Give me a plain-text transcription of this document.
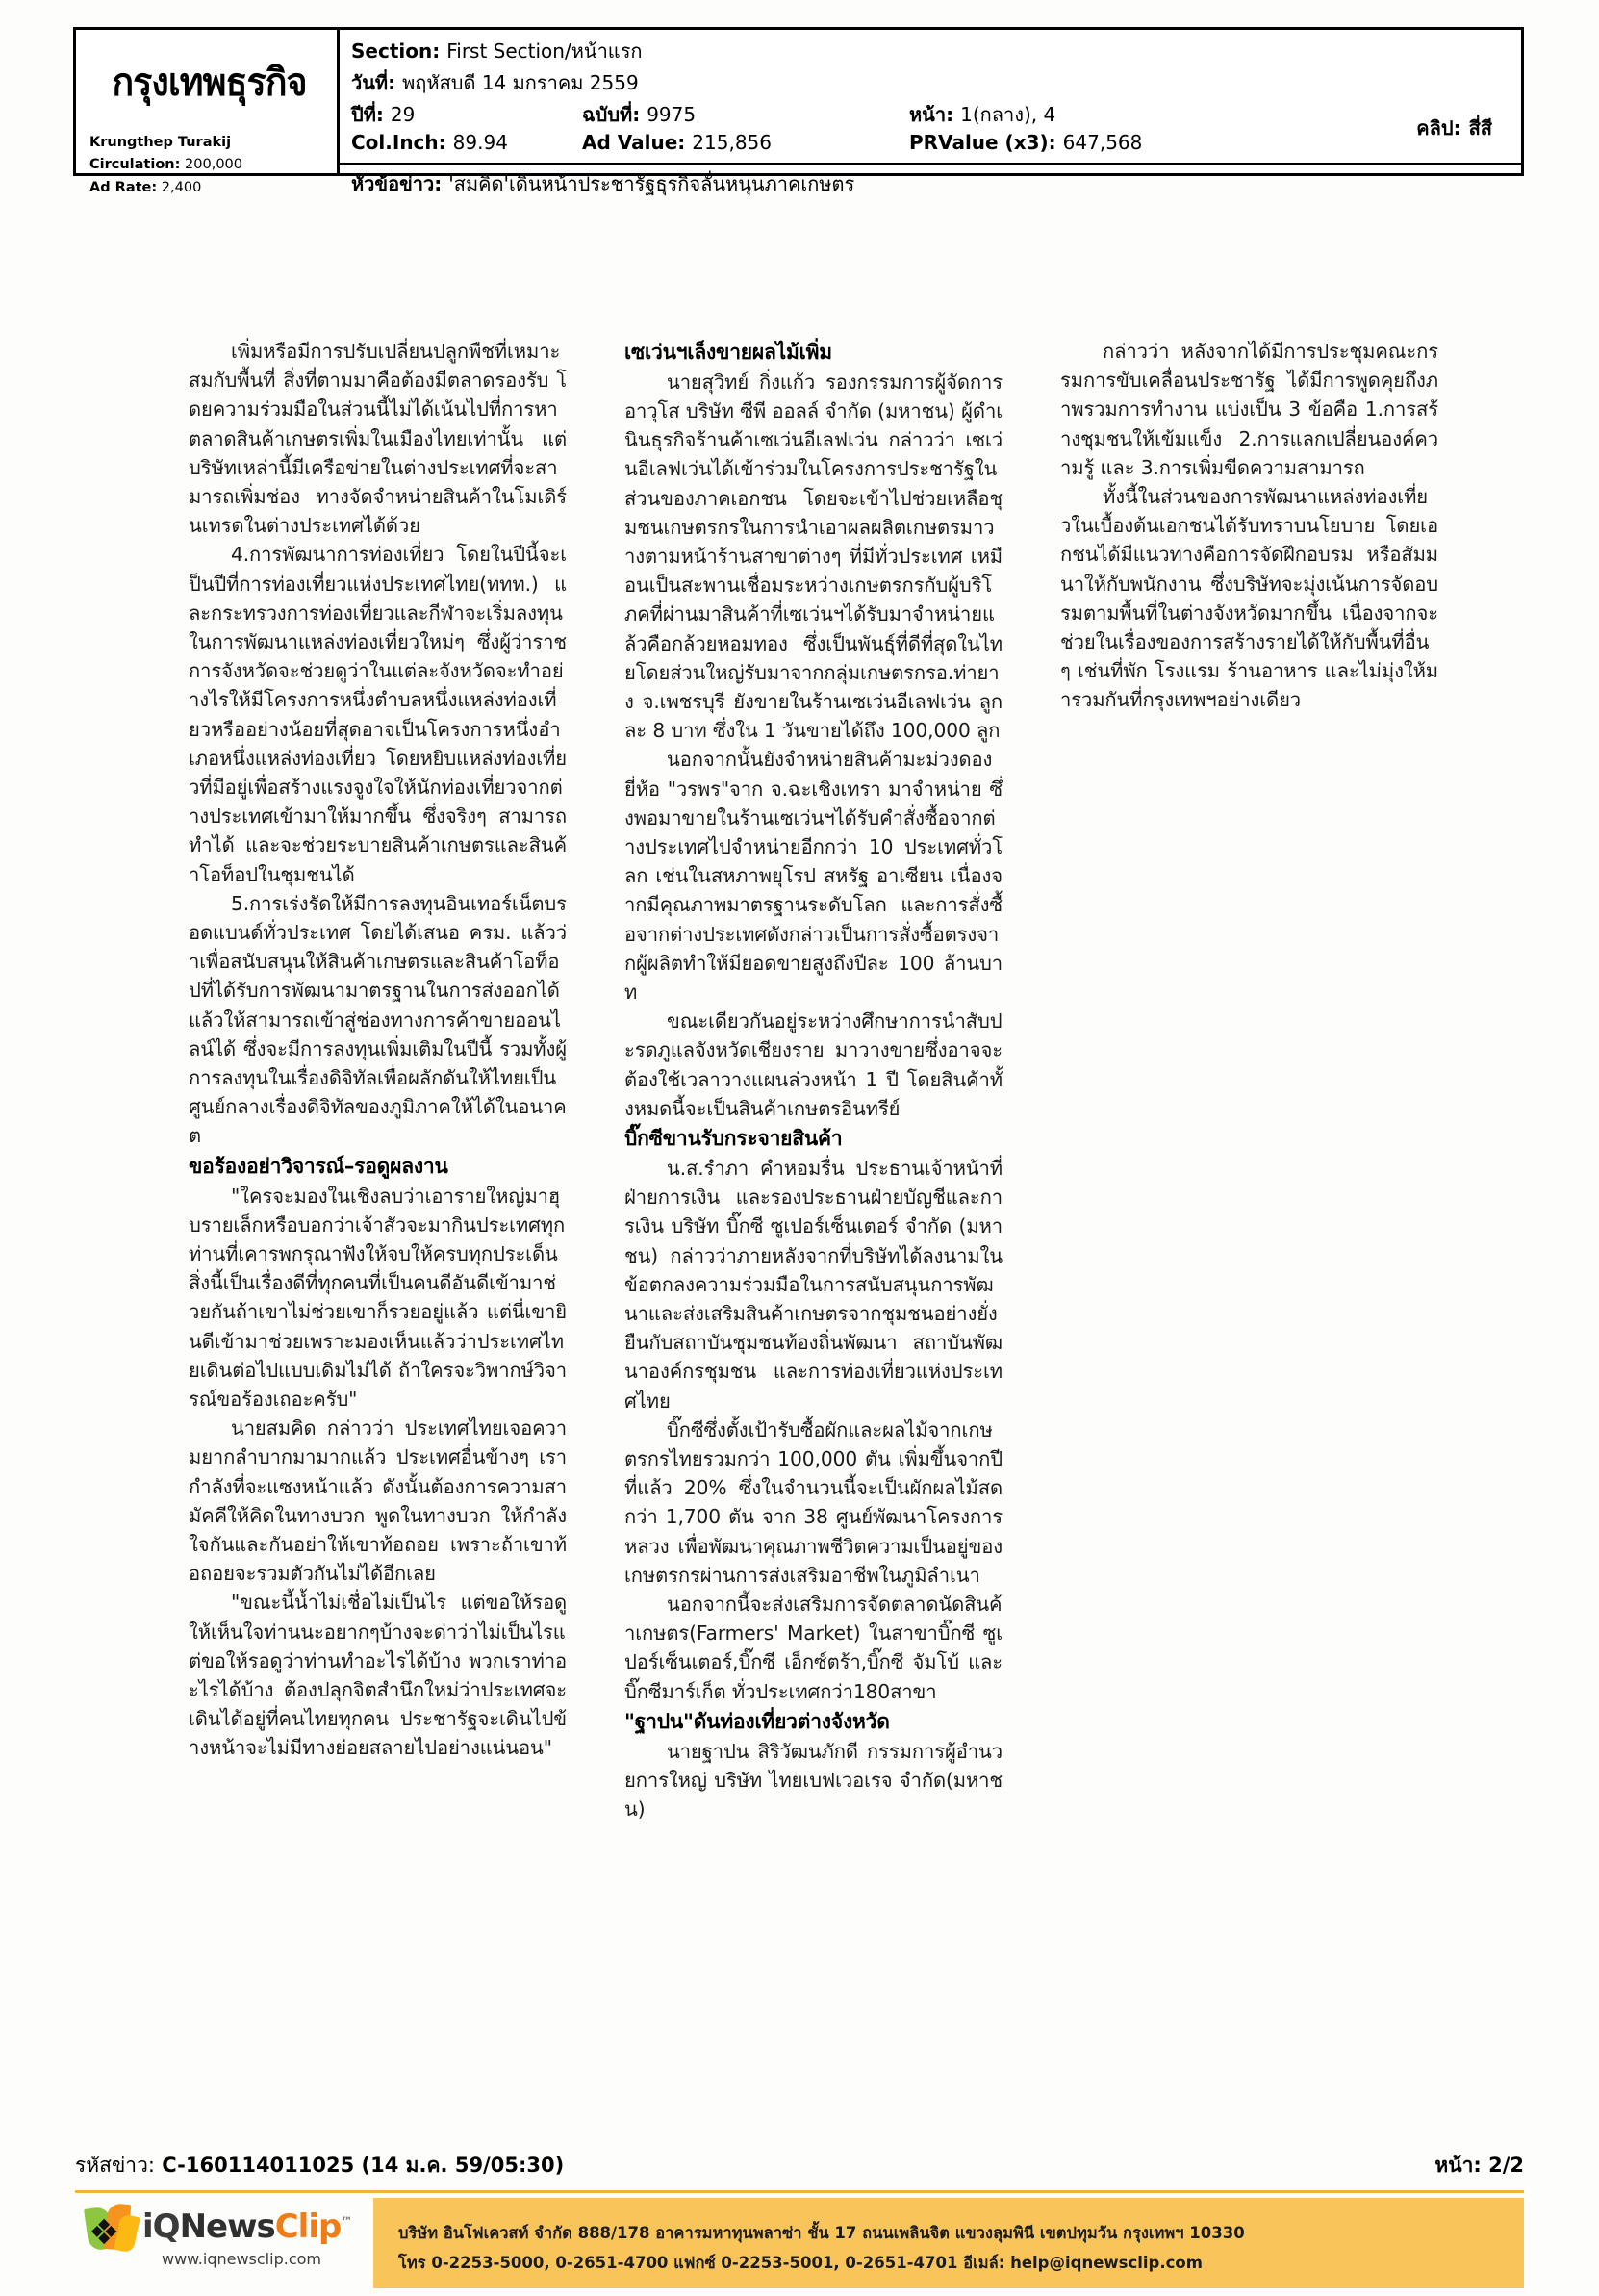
กรุงเทพธุรกิจ
Krungthep Turakij
Circulation: 200,000
Ad Rate: 2,400
Section: First Section/หน้าแรก
วันที่: พฤหัสบดี 14 มกราคม 2559
ปีที่: 29	ฉบับที่: 9975	หน้า: 1(กลาง), 4
Col.Inch: 89.94	Ad Value: 215,856	PRValue (x3): 647,568
คลิป: สี่สี
หัวข้อข่าว: 'สมคิด'เดินหน้าประชารัฐธุรกิจลั่นหนุนภาคเกษตร

เพิ่มหรือมีการปรับเปลี่ยนปลูกพืชที่เหมาะสมกับพื้นที่ สิ่งที่ตามมาคือต้องมีตลาดรองรับ โดยความร่วมมือในส่วนนี้ไม่ได้เน้นไปที่การหาตลาดสินค้าเกษตรเพิ่มในเมืองไทยเท่านั้น แต่บริษัทเหล่านี้มีเครือข่ายในต่างประเทศที่จะสามารถเพิ่มช่อง ทางจัดจำหน่ายสินค้าในโมเดิร์นเทรดในต่างประเทศได้ด้วย

4.การพัฒนาการท่องเที่ยว โดยในปีนี้จะเป็นปีที่การท่องเที่ยวแห่งประเทศไทย(ททท.) และกระทรวงการท่องเที่ยวและกีฬาจะเริ่มลงทุนในการพัฒนาแหล่งท่องเที่ยวใหม่ๆ ซึ่งผู้ว่าราชการจังหวัดจะช่วยดูว่าในแต่ละจังหวัดจะทำอย่างไรให้มีโครงการหนึ่งตำบลหนึ่งแหล่งท่องเที่ยวหรืออย่างน้อยที่สุดอาจเป็นโครงการหนึ่งอำเภอหนึ่งแหล่งท่องเที่ยว โดยหยิบแหล่งท่องเที่ยวที่มีอยู่เพื่อสร้างแรงจูงใจให้นักท่องเที่ยวจากต่างประเทศเข้ามาให้มากขึ้น ซึ่งจริงๆ สามารถทำได้ และจะช่วยระบายสินค้าเกษตรและสินค้าโอท็อปในชุมชนได้

5.การเร่งรัดให้มีการลงทุนอินเทอร์เน็ตบรอดแบนด์ทั่วประเทศ โดยได้เสนอ ครม. แล้วว่าเพื่อสนับสนุนให้สินค้าเกษตรและสินค้าโอท็อปที่ได้รับการพัฒนามาตรฐานในการส่งออกได้แล้วให้สามารถเข้าสู่ช่องทางการค้าขายออนไลน์ได้ ซึ่งจะมีการลงทุนเพิ่มเติมในปีนี้ รวมทั้งผู้การลงทุนในเรื่องดิจิทัลเพื่อผลักดันให้ไทยเป็นศูนย์กลางเรื่องดิจิทัลของภูมิภาคให้ได้ในอนาคต

ขอร้องอย่าวิจารณ์–รอดูผลงาน

"ใครจะมองในเชิงลบว่าเอารายใหญ่มาฮุบรายเล็กหรือบอกว่าเจ้าสัวจะมากินประเทศทุกท่านที่เคารพกรุณาฟังให้จบให้ครบทุกประเด็น สิ่งนี้เป็นเรื่องดีที่ทุกคนที่เป็นคนดีอันดีเข้ามาช่วยกันถ้าเขาไม่ช่วยเขาก็รวยอยู่แล้ว แต่นี่เขายินดีเข้ามาช่วยเพราะมองเห็นแล้วว่าประเทศไทยเดินต่อไปแบบเดิมไม่ได้ ถ้าใครจะวิพากษ์วิจารณ์ขอร้องเถอะครับ"

นายสมคิด กล่าวว่า ประเทศไทยเจอความยากลำบากมามากแล้ว ประเทศอื่นข้างๆ เรากำลังที่จะแซงหน้าแล้ว ดังนั้นต้องการความสามัคคีให้คิดในทางบวก พูดในทางบวก ให้กำลังใจกันและกันอย่าให้เขาท้อถอย เพราะถ้าเขาท้อถอยจะรวมตัวกันไม่ได้อีกเลย

"ขณะนี้น้ำไม่เชื่อไม่เป็นไร แต่ขอให้รอดูให้เห็นใจท่านนะอยากๆบ้างจะด่าว่าไม่เป็นไรแต่ขอให้รอดูว่าท่านทำอะไรได้บ้าง พวกเราท่าอะไรได้บ้าง ต้องปลุกจิตสำนึกใหม่ว่าประเทศจะเดินได้อยู่ที่คนไทยทุกคน ประชารัฐจะเดินไปข้างหน้าจะไม่มีทางย่อยสลายไปอย่างแน่นอน"

เซเว่นฯเล็งขายผลไม้เพิ่ม

นายสุวิทย์ กิ่งแก้ว รองกรรมการผู้จัดการอาวุโส บริษัท ซีพี ออลล์ จำกัด (มหาชน) ผู้ดำเนินธุรกิจร้านค้าเซเว่นอีเลฟเว่น กล่าวว่า เซเว่นอีเลฟเว่นได้เข้าร่วมในโครงการประชารัฐในส่วนของภาคเอกชน โดยจะเข้าไปช่วยเหลือชุมชนเกษตรกรในการนำเอาผลผลิตเกษตรมาวางตามหน้าร้านสาขาต่างๆ ที่มีทั่วประเทศ เหมือนเป็นสะพานเชื่อมระหว่างเกษตรกรกับผู้บริโภคที่ผ่านมาสินค้าที่เซเว่นฯได้รับมาจำหน่ายแล้วคือกล้วยหอมทอง ซึ่งเป็นพันธุ์ที่ดีที่สุดในไทยโดยส่วนใหญ่รับมาจากกลุ่มเกษตรกรอ.ท่ายาง จ.เพชรบุรี ยังขายในร้านเซเว่นอีเลฟเว่น ลูกละ 8 บาท ซึ่งใน 1 วันขายได้ถึง 100,000 ลูก

นอกจากนั้นยังจำหน่ายสินค้ามะม่วงดองยี่ห้อ "วรพร"จาก จ.ฉะเชิงเทรา มาจำหน่าย ซึ่งพอมาขายในร้านเซเว่นฯได้รับคำสั่งซื้อจากต่างประเทศไปจำหน่ายอีกกว่า 10 ประเทศทั่วโลก เช่นในสหภาพยุโรป สหรัฐ อาเซียน เนื่องจากมีคุณภาพมาตรฐานระดับโลก และการสั่งซื้อจากต่างประเทศดังกล่าวเป็นการสั่งซื้อตรงจากผู้ผลิตทำให้มียอดขายสูงถึงปีละ 100 ล้านบาท

ขณะเดียวกันอยู่ระหว่างศึกษาการนำสับปะรดภูแลจังหวัดเชียงราย มาวางขายซึ่งอาจจะต้องใช้เวลาวางแผนล่วงหน้า 1 ปี โดยสินค้าทั้งหมดนี้จะเป็นสินค้าเกษตรอินทรีย์

บิ๊กซีขานรับกระจายสินค้า

น.ส.รำภา คำหอมรื่น ประธานเจ้าหน้าที่ฝ่ายการเงิน และรองประธานฝ่ายบัญชีและการเงิน บริษัท บิ๊กซี ซูเปอร์เซ็นเตอร์ จำกัด (มหาชน) กล่าวว่าภายหลังจากที่บริษัทได้ลงนามในข้อตกลงความร่วมมือในการสนับสนุนการพัฒนาและส่งเสริมสินค้าเกษตรจากชุมชนอย่างยั่งยืนกับสถาบันชุมชนท้องถิ่นพัฒนา สถาบันพัฒนาองค์กรชุมชน และการท่องเที่ยวแห่งประเทศไทย

บิ๊กซีซึ่งตั้งเป้ารับซื้อผักและผลไม้จากเกษตรกรไทยรวมกว่า 100,000 ตัน เพิ่มขึ้นจากปีที่แล้ว 20% ซึ่งในจำนวนนี้จะเป็นผักผลไม้สดกว่า 1,700 ตัน จาก 38 ศูนย์พัฒนาโครงการหลวง เพื่อพัฒนาคุณภาพชีวิตความเป็นอยู่ของเกษตรกรผ่านการส่งเสริมอาชีพในภูมิลำเนา

นอกจากนี้จะส่งเสริมการจัดตลาดนัดสินค้าเกษตร(Farmers' Market) ในสาขาบิ๊กซี ซูเปอร์เซ็นเตอร์,บิ๊กซี เอ็กซ์ตร้า,บิ๊กซี จัมโบ้ และบิ๊กซีมาร์เก็ต ทั่วประเทศกว่า180สาขา

"ฐาปน"ดันท่องเที่ยวต่างจังหวัด

นายฐาปน สิริวัฒนภักดี กรรมการผู้อำนวยการใหญ่ บริษัท ไทยเบฟเวอเรจ จำกัด(มหาชน)

กล่าวว่า หลังจากได้มีการประชุมคณะกรรมการขับเคลื่อนประชารัฐ ได้มีการพูดคุยถึงภาพรวมการทำงาน แบ่งเป็น 3 ข้อคือ 1.การสร้างชุมชนให้เข้มแข็ง 2.การแลกเปลี่ยนองค์ความรู้ และ 3.การเพิ่มขีดความสามารถ

ทั้งนี้ในส่วนของการพัฒนาแหล่งท่องเที่ยวในเบื้องต้นเอกชนได้รับทราบนโยบาย โดยเอกชนได้มีแนวทางคือการจัดฝึกอบรม หรือสัมมนาให้กับพนักงาน ซึ่งบริษัทจะมุ่งเน้นการจัดอบรมตามพื้นที่ในต่างจังหวัดมากขึ้น เนื่องจากจะช่วยในเรื่องของการสร้างรายได้ให้กับพื้นที่อื่นๆ เช่นที่พัก โรงแรม ร้านอาหาร และไม่มุ่งให้มารวมกันที่กรุงเทพฯอย่างเดียว

รหัสข่าว: C-160114011025 (14 ม.ค. 59/05:30)	หน้า: 2/2
❖ iQNewsClip™
www.iqnewsclip.com
บริษัท อินโฟเควสท์ จำกัด 888/178 อาคารมหาทุนพลาซ่า ชั้น 17 ถนนเพลินจิต แขวงลุมพินี เขตปทุมวัน กรุงเทพฯ 10330
โทร 0-2253-5000, 0-2651-4700 แฟกซ์ 0-2253-5001, 0-2651-4701 อีเมล์: help@iqnewsclip.com
